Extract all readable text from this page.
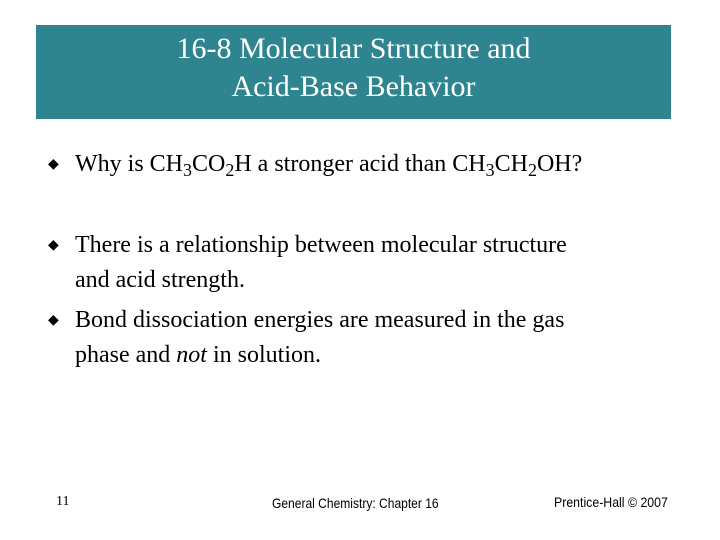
16-8 Molecular Structure and
Acid-Base Behavior
◆ Why is $CH_3CO_2H$ a stronger acid than $CH_3CH_2OH$?
◆ There is a relationship between molecular structure
and acid strength.
◆ Bond dissociation energies are measured in the gas
phase and not in solution.
11	General Chemistry: Chapter 16	Prentice-Hall © 2007
